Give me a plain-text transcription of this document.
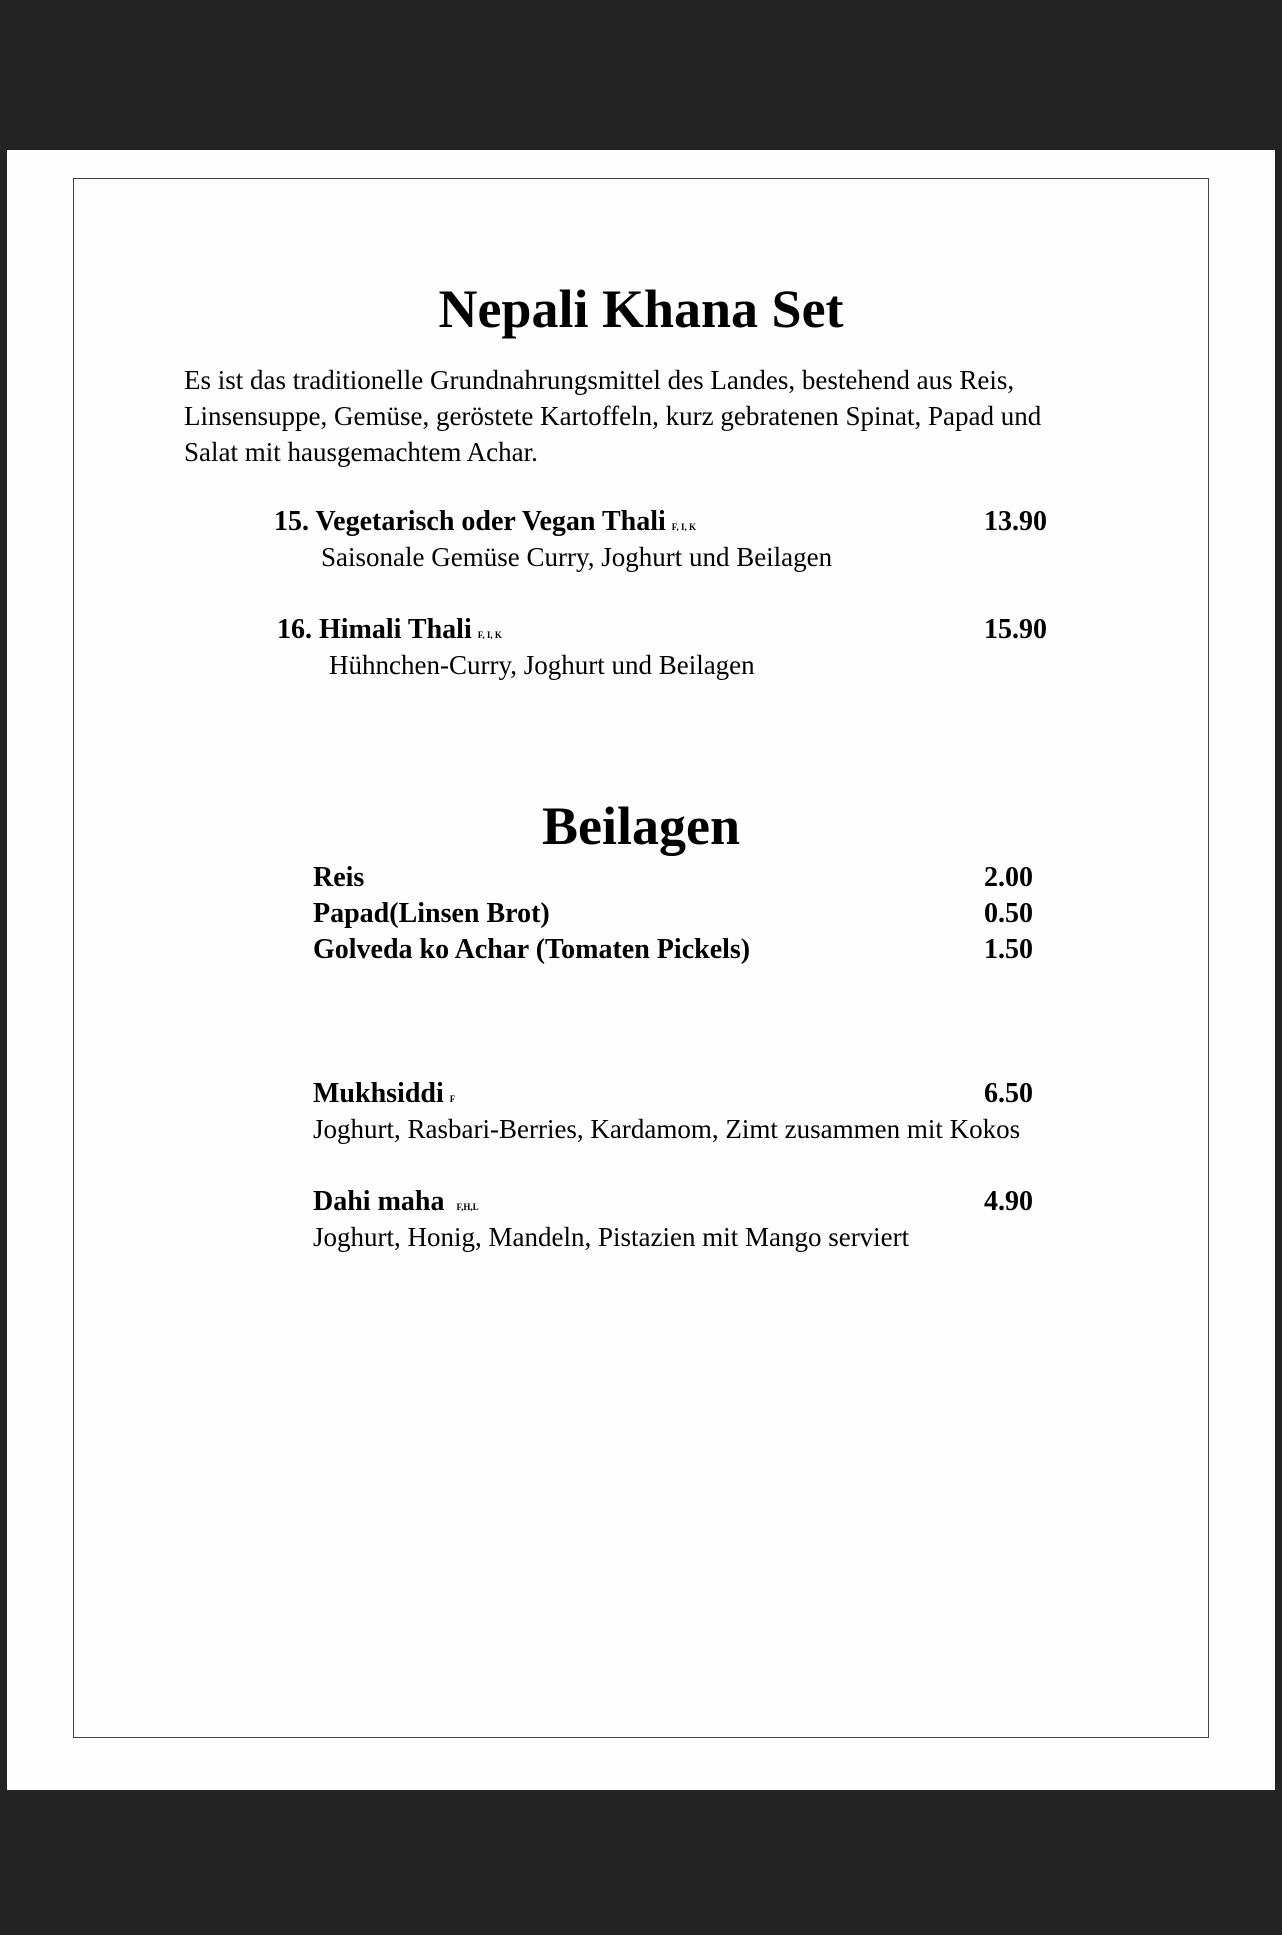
Nepali Khana Set
Es ist das traditionelle Grundnahrungsmittel des Landes, bestehend aus Reis,
Linsensuppe, Gemüse, geröstete Kartoffeln, kurz gebratenen Spinat, Papad und
Salat mit hausgemachtem Achar.
15. Vegetarisch oder Vegan Thali F, I, K	13.90
Saisonale Gemüse Curry, Joghurt und Beilagen
16. Himali Thali F, I, K	15.90
Hühnchen-Curry, Joghurt und Beilagen
Beilagen
Reis	2.00
Papad(Linsen Brot)	0.50
Golveda ko Achar (Tomaten Pickels)	1.50
Mukhsiddi F	6.50
Joghurt, Rasbari-Berries, Kardamom, Zimt zusammen mit Kokos
Dahi maha F,H,L	4.90
Joghurt, Honig, Mandeln, Pistazien mit Mango serviert
